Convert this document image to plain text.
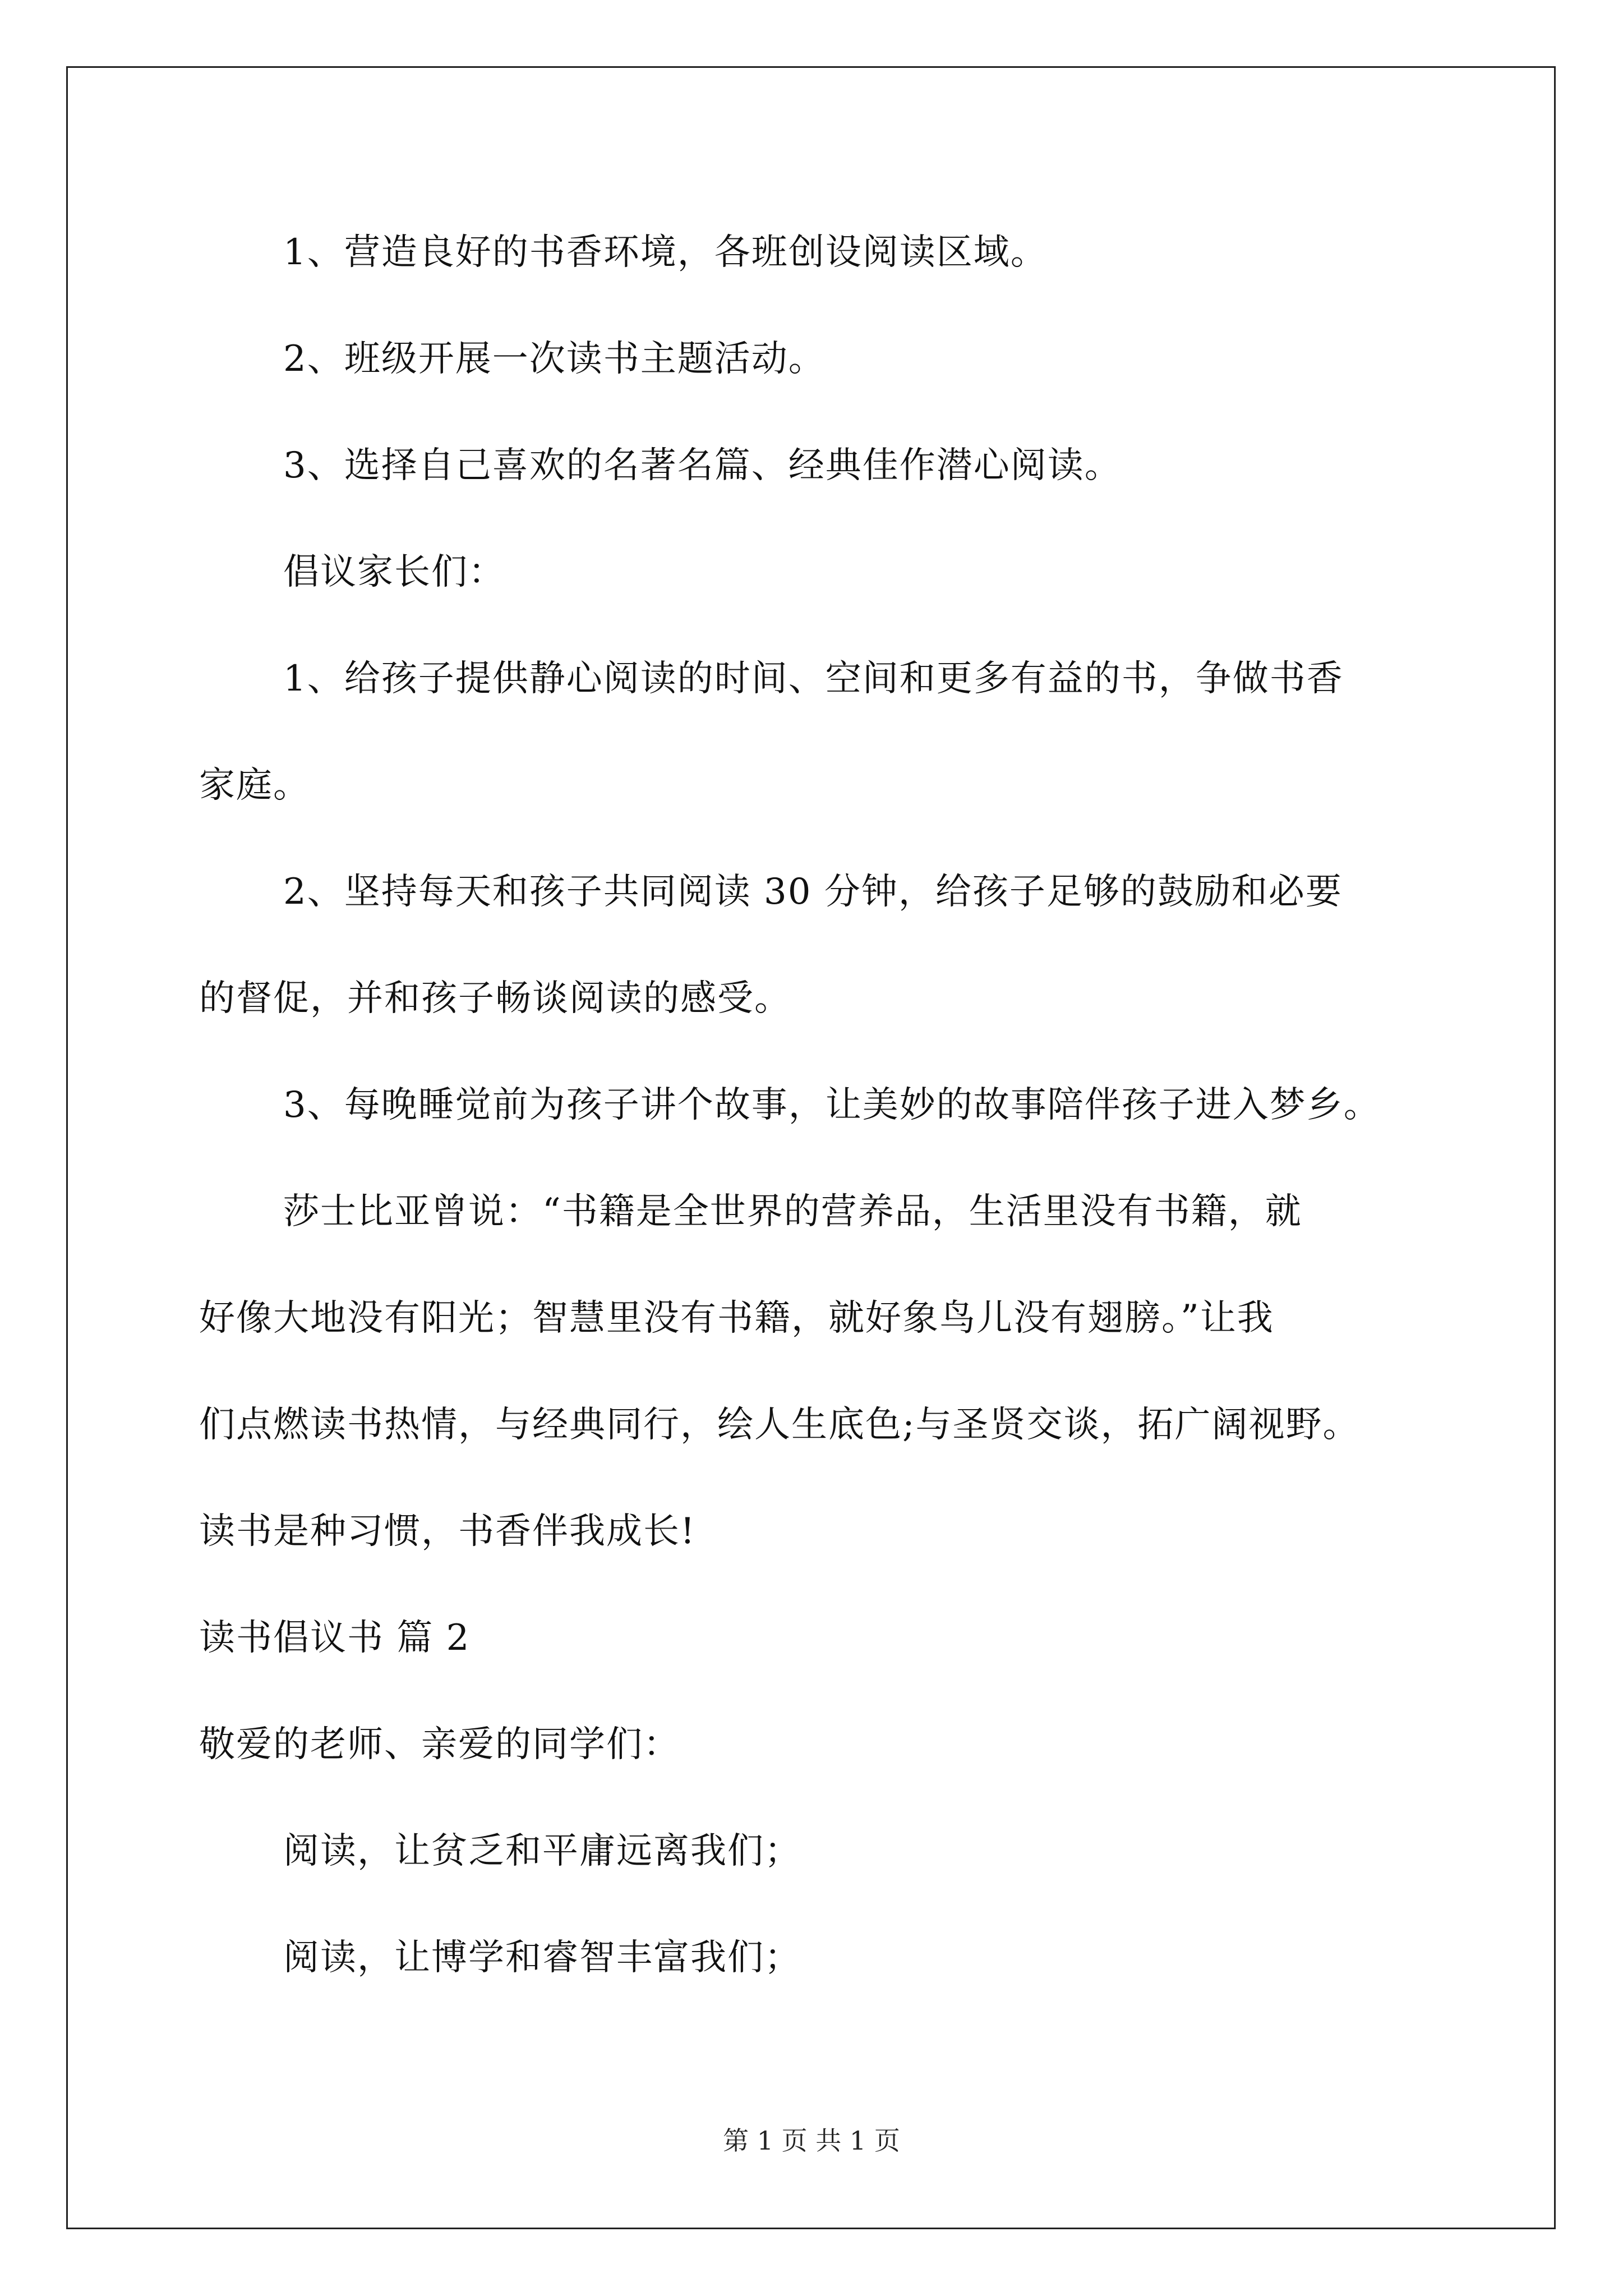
1、营造良好的书香环境，各班创设阅读区域。
2、班级开展一次读书主题活动。
3、选择自己喜欢的名著名篇、经典佳作潜心阅读。
倡议家长们：
1、给孩子提供静心阅读的时间、空间和更多有益的书，争做书香
家庭。
2、坚持每天和孩子共同阅读 30 分钟，给孩子足够的鼓励和必要
的督促，并和孩子畅谈阅读的感受。
3、每晚睡觉前为孩子讲个故事，让美妙的故事陪伴孩子进入梦乡。
莎士比亚曾说：“书籍是全世界的营养品，生活里没有书籍，就
好像大地没有阳光；智慧里没有书籍，就好象鸟儿没有翅膀。”让我
们点燃读书热情，与经典同行，绘人生底色;与圣贤交谈，拓广阔视野。
读书是种习惯，书香伴我成长!
读书倡议书 篇 2
敬爱的老师、亲爱的同学们：
阅读，让贫乏和平庸远离我们；
阅读，让博学和睿智丰富我们；
第 1 页 共 1 页
